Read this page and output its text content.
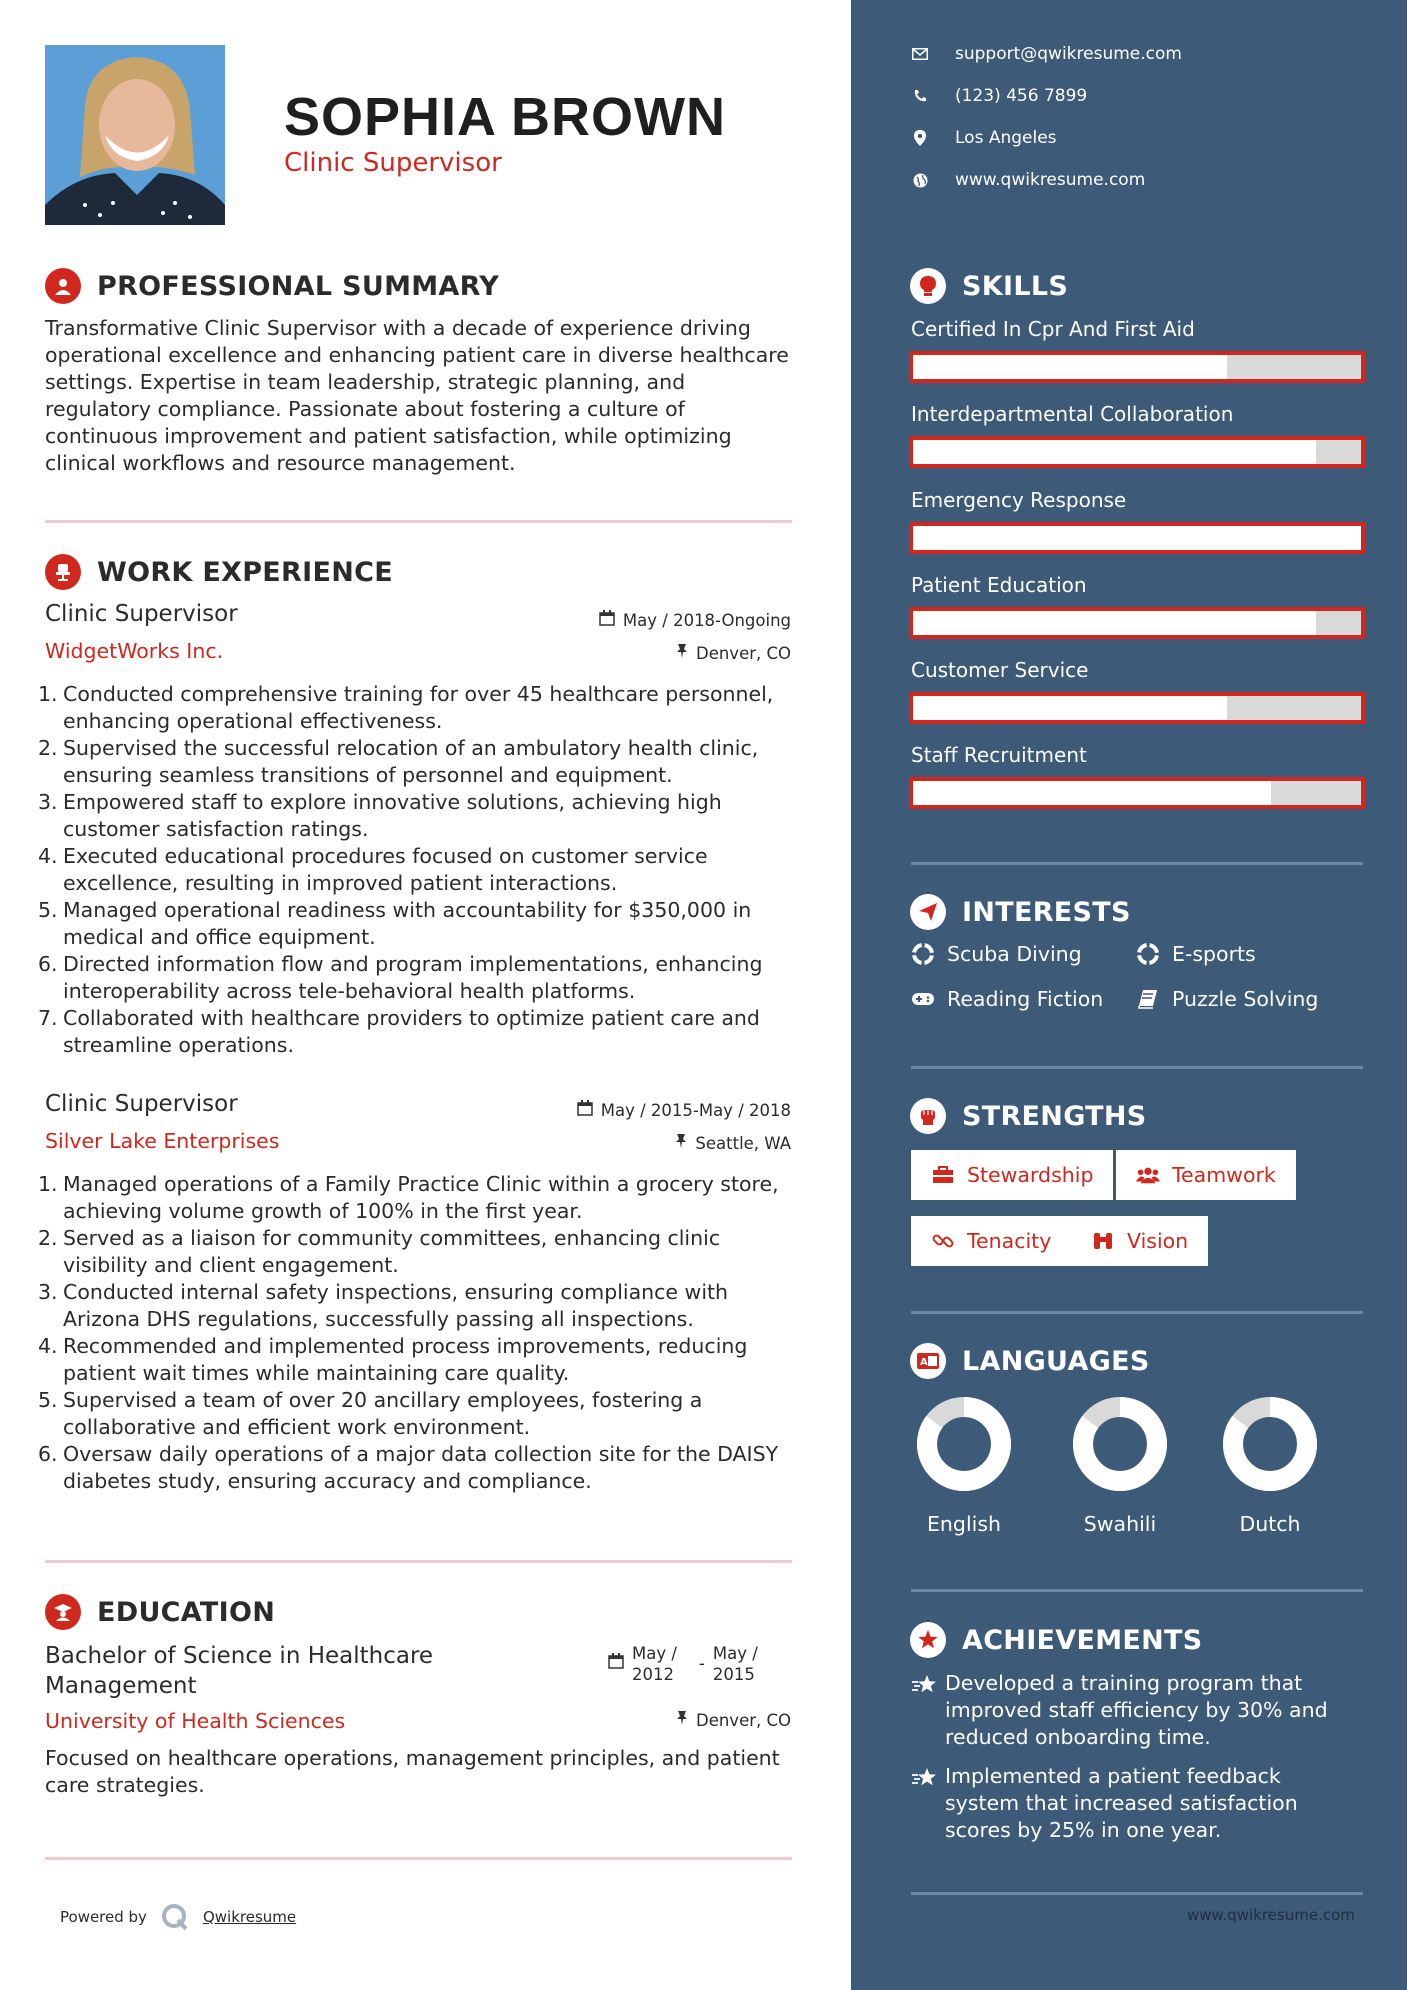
SOPHIA BROWN
Clinic Supervisor
PROFESSIONAL SUMMARY
Transformative Clinic Supervisor with a decade of experience driving operational excellence and enhancing patient care in diverse healthcare settings. Expertise in team leadership, strategic planning, and regulatory compliance. Passionate about fostering a culture of continuous improvement and patient satisfaction, while optimizing clinical workflows and resource management.
WORK EXPERIENCE
Clinic Supervisor	May / 2018-Ongoing
WidgetWorks Inc.	Denver, CO
1. Conducted comprehensive training for over 45 healthcare personnel, enhancing operational effectiveness.
2. Supervised the successful relocation of an ambulatory health clinic, ensuring seamless transitions of personnel and equipment.
3. Empowered staff to explore innovative solutions, achieving high customer satisfaction ratings.
4. Executed educational procedures focused on customer service excellence, resulting in improved patient interactions.
5. Managed operational readiness with accountability for $350,000 in medical and office equipment.
6. Directed information flow and program implementations, enhancing interoperability across tele-behavioral health platforms.
7. Collaborated with healthcare providers to optimize patient care and streamline operations.
Clinic Supervisor	May / 2015-May / 2018
Silver Lake Enterprises	Seattle, WA
1. Managed operations of a Family Practice Clinic within a grocery store, achieving volume growth of 100% in the first year.
2. Served as a liaison for community committees, enhancing clinic visibility and client engagement.
3. Conducted internal safety inspections, ensuring compliance with Arizona DHS regulations, successfully passing all inspections.
4. Recommended and implemented process improvements, reducing patient wait times while maintaining care quality.
5. Supervised a team of over 20 ancillary employees, fostering a collaborative and efficient work environment.
6. Oversaw daily operations of a major data collection site for the DAISY diabetes study, ensuring accuracy and compliance.
EDUCATION
Bachelor of Science in Healthcare
Management
May /
2012
-
May /
2015
University of Health Sciences	Denver, CO
Focused on healthcare operations, management principles, and patient care strategies.
Powered by	Qwikresume
support@qwikresume.com
(123) 456 7899
Los Angeles
www.qwikresume.com
SKILLS
Certified In Cpr And First Aid
Interdepartmental Collaboration
Emergency Response
Patient Education
Customer Service
Staff Recruitment
INTERESTS
Scuba Diving	E-sports
Reading Fiction	Puzzle Solving
STRENGTHS
Stewardship	Teamwork
Tenacity	Vision
A LANGUAGES
English	Swahili	Dutch
ACHIEVEMENTS
Developed a training program that improved staff efficiency by 30% and reduced onboarding time.
Implemented a patient feedback system that increased satisfaction scores by 25% in one year.
www.qwikresume.com
